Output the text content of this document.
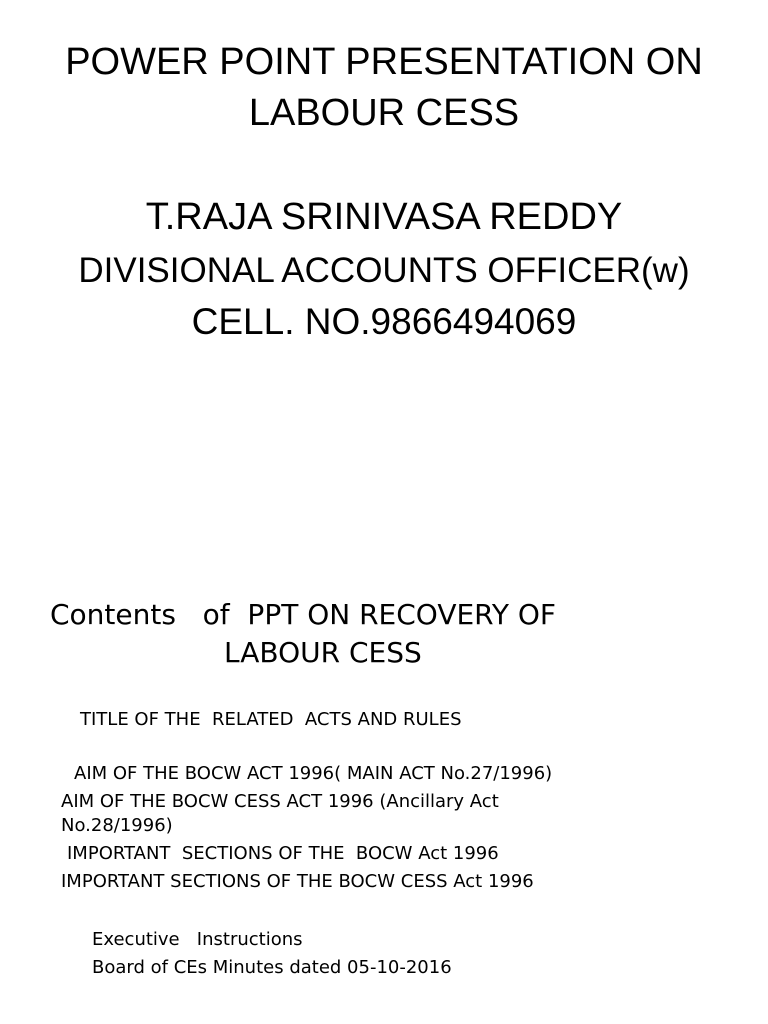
POWER POINT PRESENTATION ON

LABOUR CESS

T.RAJA SRINIVASA REDDY

DIVISIONAL ACCOUNTS OFFICER(w)

CELL. NO.9866494069

Contents   of  PPT ON RECOVERY OF

LABOUR CESS

TITLE OF THE  RELATED  ACTS AND RULES

AIM OF THE BOCW ACT 1996( MAIN ACT No.27/1996)

AIM OF THE BOCW CESS ACT 1996 (Ancillary Act

No.28/1996)

IMPORTANT  SECTIONS OF THE  BOCW Act 1996

IMPORTANT SECTIONS OF THE BOCW CESS Act 1996

Executive   Instructions

Board of CEs Minutes dated 05-10-2016
